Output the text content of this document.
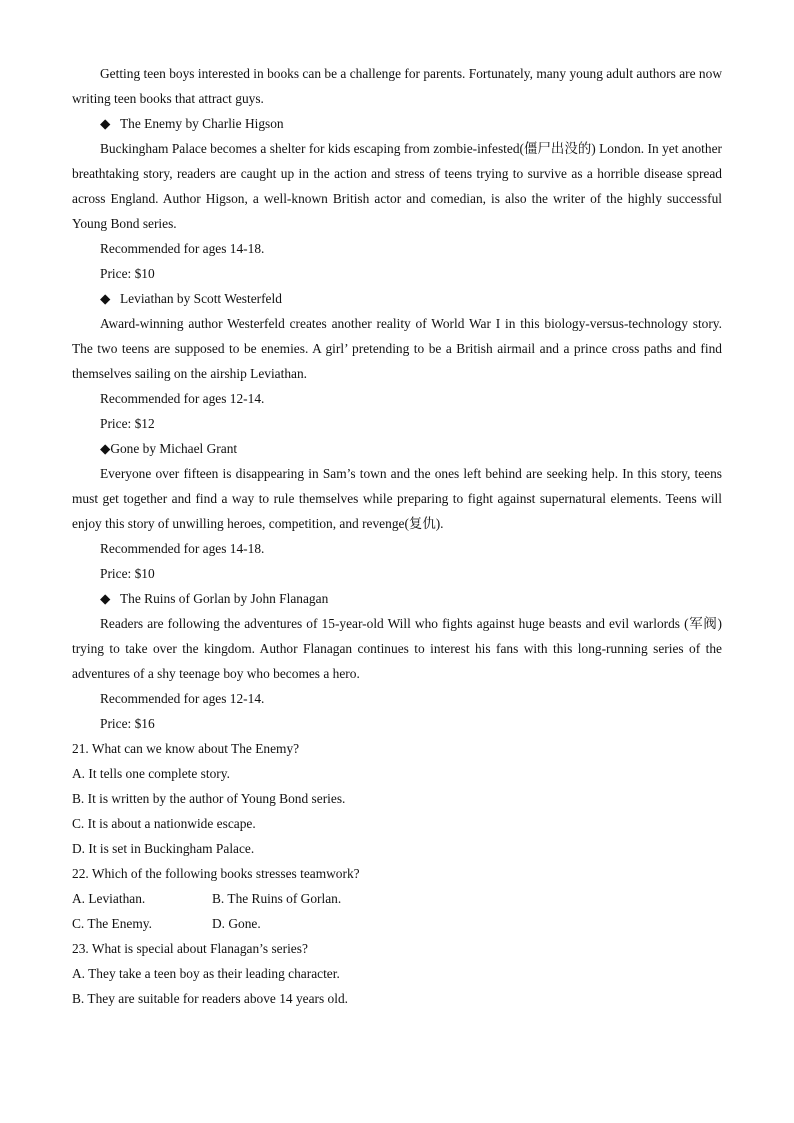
Getting teen boys interested in books can be a challenge for parents. Fortunately, many young adult authors are now writing teen books that attract guys.

◆ The Enemy by Charlie Higson

Buckingham Palace becomes a shelter for kids escaping from zombie-infested(僵尸出没的) London. In yet another breathtaking story, readers are caught up in the action and stress of teens trying to survive as a horrible disease spread across England. Author Higson, a well-known British actor and comedian, is also the writer of the highly successful Young Bond series.

Recommended for ages 14-18.

Price: $10

◆ Leviathan by Scott Westerfeld

Award-winning author Westerfeld creates another reality of World War I in this biology-versus-technology story. The two teens are supposed to be enemies. A girl’ pretending to be a British airmail and a prince cross paths and find themselves sailing on the airship Leviathan.

Recommended for ages 12-14.

Price: $12

◆Gone by Michael Grant

Everyone over fifteen is disappearing in Sam’s town and the ones left behind are seeking help. In this story, teens must get together and find a way to rule themselves while preparing to fight against supernatural elements. Teens will enjoy this story of unwilling heroes, competition, and revenge(复仇).

Recommended for ages 14-18.

Price: $10

◆ The Ruins of Gorlan by John Flanagan

Readers are following the adventures of 15-year-old Will who fights against huge beasts and evil warlords (军阀) trying to take over the kingdom. Author Flanagan continues to interest his fans with this long-running series of the adventures of a shy teenage boy who becomes a hero.

Recommended for ages 12-14.

Price: $16

21. What can we know about The Enemy?

A. It tells one complete story.

B. It is written by the author of Young Bond series.

C. It is about a nationwide escape.

D. It is set in Buckingham Palace.

22. Which of the following books stresses teamwork?

A. Leviathan.	B. The Ruins of Gorlan.
C. The Enemy.	D. Gone.

23. What is special about Flanagan’s series?

A. They take a teen boy as their leading character.

B. They are suitable for readers above 14 years old.
